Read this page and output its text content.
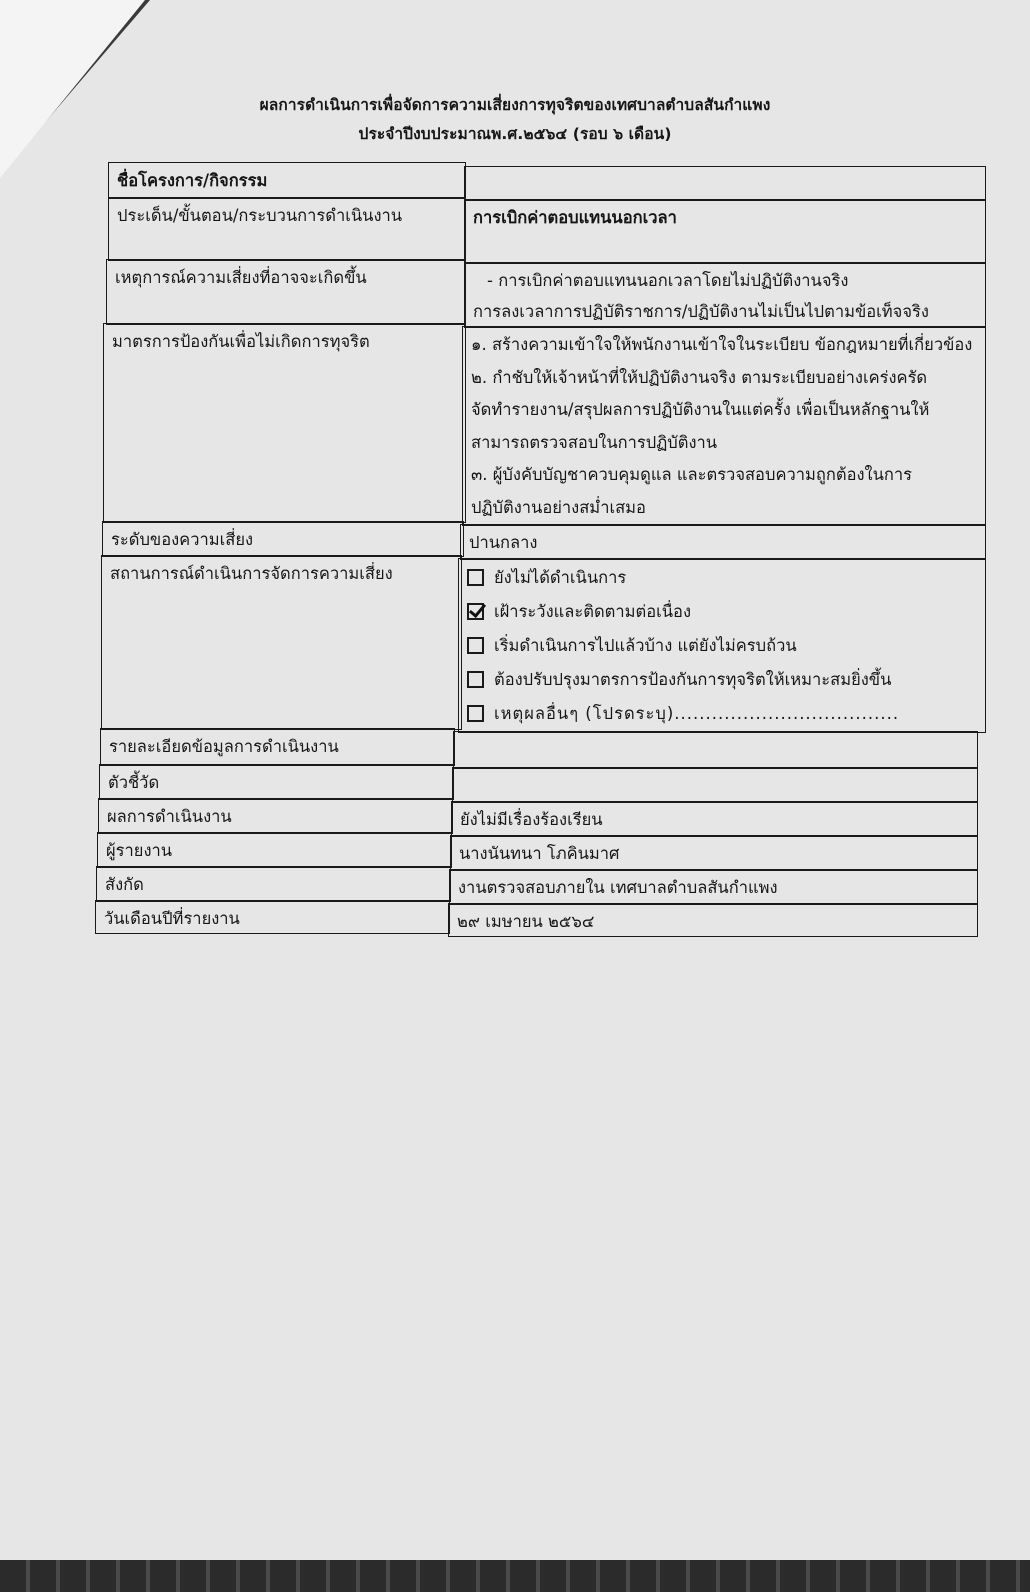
ผลการดำเนินการเพื่อจัดการความเสี่ยงการทุจริตของเทศบาลตำบลสันกำแพง
ประจำปีงบประมาณพ.ศ.๒๕๖๔ (รอบ ๖ เดือน)
ชื่อโครงการ/กิจกรรม
ประเด็น/ขั้นตอน/กระบวนการดำเนินงาน	การเบิกค่าตอบแทนนอกเวลา
เหตุการณ์ความเสี่ยงที่อาจจะเกิดขึ้น	- การเบิกค่าตอบแทนนอกเวลาโดยไม่ปฏิบัติงานจริง
การลงเวลาการปฏิบัติราชการ/ปฏิบัติงานไม่เป็นไปตามข้อเท็จจริง
มาตรการป้องกันเพื่อไม่เกิดการทุจริต	๑. สร้างความเข้าใจให้พนักงานเข้าใจในระเบียบ ข้อกฎหมายที่เกี่ยวข้อง
๒. กำชับให้เจ้าหน้าที่ให้ปฏิบัติงานจริง ตามระเบียบอย่างเคร่งครัด
จัดทำรายงาน/สรุปผลการปฏิบัติงานในแต่ครั้ง เพื่อเป็นหลักฐานให้
สามารถตรวจสอบในการปฏิบัติงาน
๓. ผู้บังคับบัญชาควบคุมดูแล และตรวจสอบความถูกต้องในการ
ปฏิบัติงานอย่างสม่ำเสมอ
ระดับของความเสี่ยง	ปานกลาง
สถานการณ์ดำเนินการจัดการความเสี่ยง	ยังไม่ได้ดำเนินการ
เฝ้าระวังและติดตามต่อเนื่อง
เริ่มดำเนินการไปแล้วบ้าง แต่ยังไม่ครบถ้วน
ต้องปรับปรุงมาตรการป้องกันการทุจริตให้เหมาะสมยิ่งขึ้น
เหตุผลอื่นๆ (โปรดระบุ)....................................
รายละเอียดข้อมูลการดำเนินงาน
ตัวชี้วัด
ผลการดำเนินงาน	ยังไม่มีเรื่องร้องเรียน
ผู้รายงาน	นางนันทนา โภคินมาศ
สังกัด	งานตรวจสอบภายใน เทศบาลตำบลสันกำแพง
วันเดือนปีที่รายงาน	๒๙ เมษายน ๒๕๖๔
